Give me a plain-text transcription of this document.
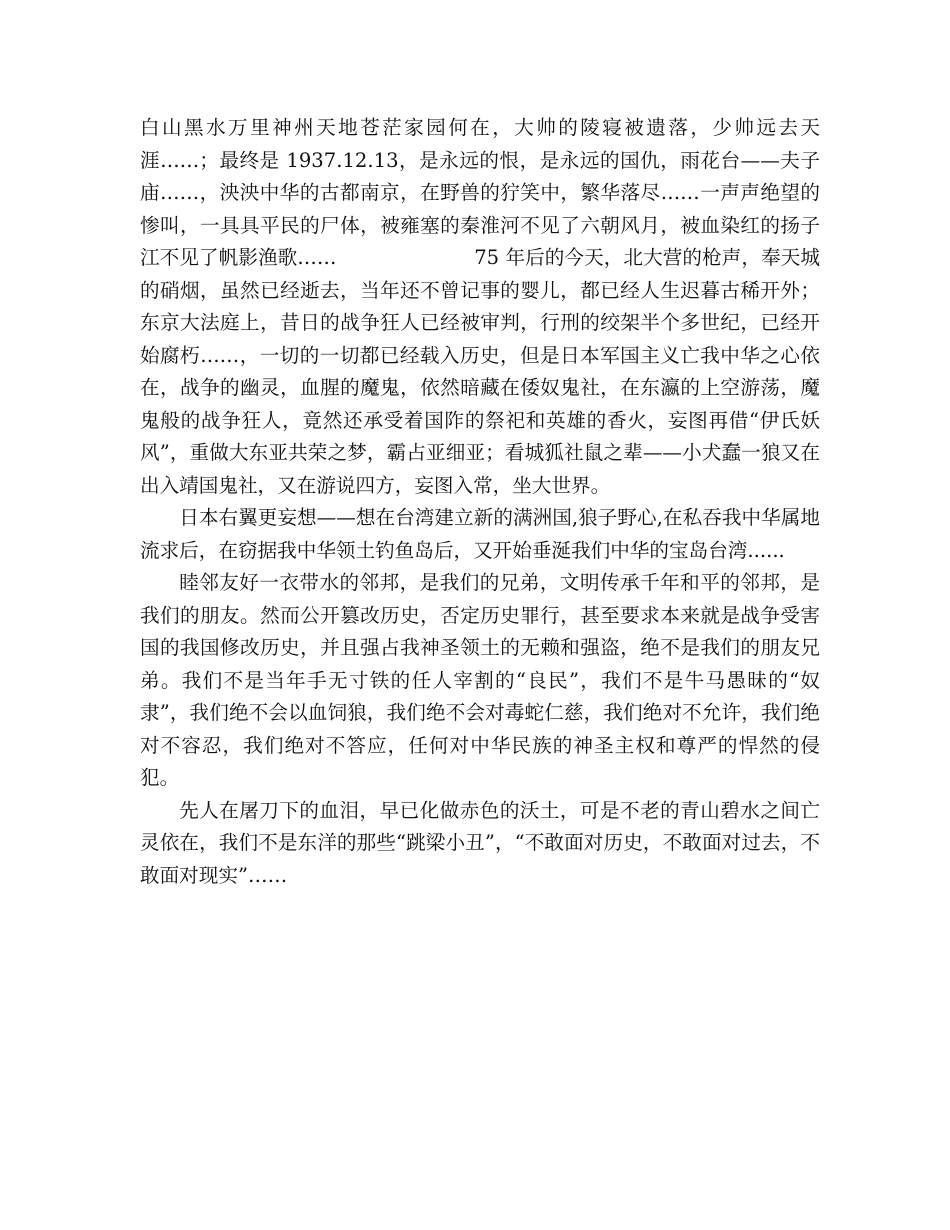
白山黑水万里神州天地苍茫家园何在，大帅的陵寝被遗落，少帅远去天涯……；最终是 1937.12.13，是永远的恨，是永远的国仇，雨花台——夫子庙……，泱泱中华的古都南京，在野兽的狞笑中，繁华落尽……一声声绝望的惨叫，一具具平民的尸体，被雍塞的秦淮河不见了六朝风月，被血染红的扬子江不见了帆影渔歌……　　　　　　　75 年后的今天，北大营的枪声，奉天城的硝烟，虽然已经逝去，当年还不曾记事的婴儿，都已经人生迟暮古稀开外；东京大法庭上，昔日的战争狂人已经被审判，行刑的绞架半个多世纪，已经开始腐朽……，一切的一切都已经载入历史，但是日本军国主义亡我中华之心依在，战争的幽灵，血腥的魔鬼，依然暗藏在倭奴鬼社，在东瀛的上空游荡，魔鬼般的战争狂人，竟然还承受着国阼的祭祀和英雄的香火，妄图再借“伊氏妖风”，重做大东亚共荣之梦，霸占亚细亚；看城狐社鼠之辈——小犬蠢一狼又在出入靖国鬼社，又在游说四方，妄图入常，坐大世界。

日本右翼更妄想——想在台湾建立新的满洲国,狼子野心,在私吞我中华属地流求后，在窃据我中华领土钓鱼岛后，又开始垂涎我们中华的宝岛台湾......

睦邻友好一衣带水的邻邦，是我们的兄弟，文明传承千年和平的邻邦，是我们的朋友。然而公开篡改历史，否定历史罪行，甚至要求本来就是战争受害国的我国修改历史，并且强占我神圣领土的无赖和强盗，绝不是我们的朋友兄弟。我们不是当年手无寸铁的任人宰割的“良民”，我们不是牛马愚昧的“奴隶”，我们绝不会以血饲狼，我们绝不会对毒蛇仁慈，我们绝对不允许，我们绝对不容忍，我们绝对不答应，任何对中华民族的神圣主权和尊严的悍然的侵犯。

先人在屠刀下的血泪，早已化做赤色的沃土，可是不老的青山碧水之间亡灵依在，我们不是东洋的那些“跳梁小丑”，“不敢面对历史，不敢面对过去，不敢面对现实”……
